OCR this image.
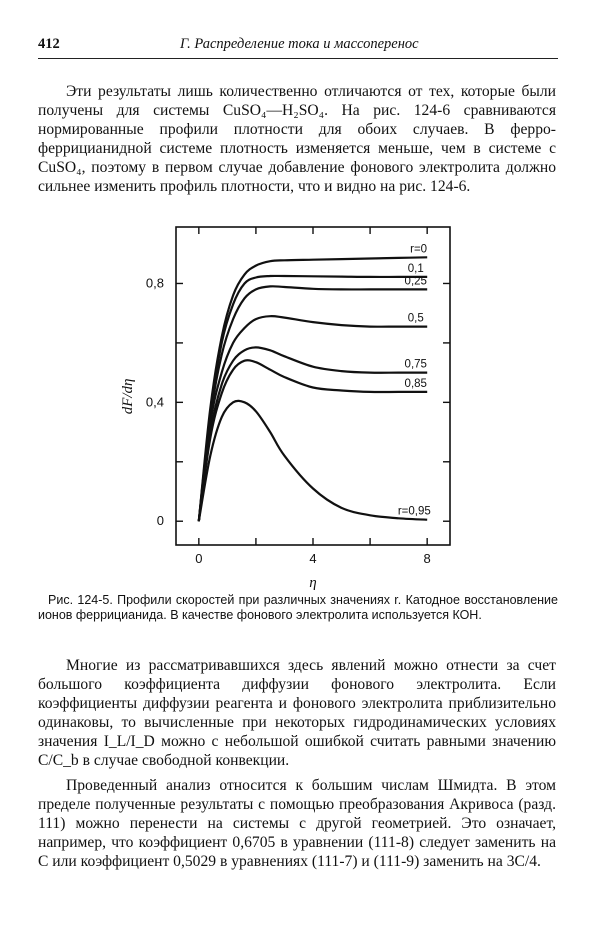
412	Г. Распределение тока и массоперенос

Эти результаты лишь количественно отличаются от тех, которые были получены для системы CuSO₄—H₂SO₄. На рис. 124-6 сравниваются нормированные профили плотности для обоих случаев. В ферро-феррицианидной системе плотность изменяется меньше, чем в системе с CuSO₄, поэтому в первом случае добавление фонового электролита должно сильнее изменить профиль плотности, что и видно на рис. 124-6.

0	4	8
0
0,4
0,8
η
dF/dη
r=0
0,1
0,25
0,5
0,75
0,85
r=0,95
Рис. 124-5. Профили скоростей при различных значениях r. Катодное восстановление ионов феррицианида. В качестве фонового электролита используется КОН.

Многие из рассматривавшихся здесь явлений можно отнести за счет большого коэффициента диффузии фонового электролита. Если коэффициенты диффузии реагента и фонового электролита приблизительно одинаковы, то вычисленные при некоторых гидродинамических условиях значения I_L/I_D можно с небольшой ошибкой считать равными значению C/C_b в случае свободной конвекции.

Проведенный анализ относится к большим числам Шмидта. В этом пределе полученные результаты с помощью преобразования Акривоса (разд. 111) можно перенести на системы с другой геометрией. Это означает, например, что коэффициент 0,6705 в уравнении (111-8) следует заменить на C или коэффициент 0,5029 в уравнениях (111-7) и (111-9) заменить на 3C/4.
